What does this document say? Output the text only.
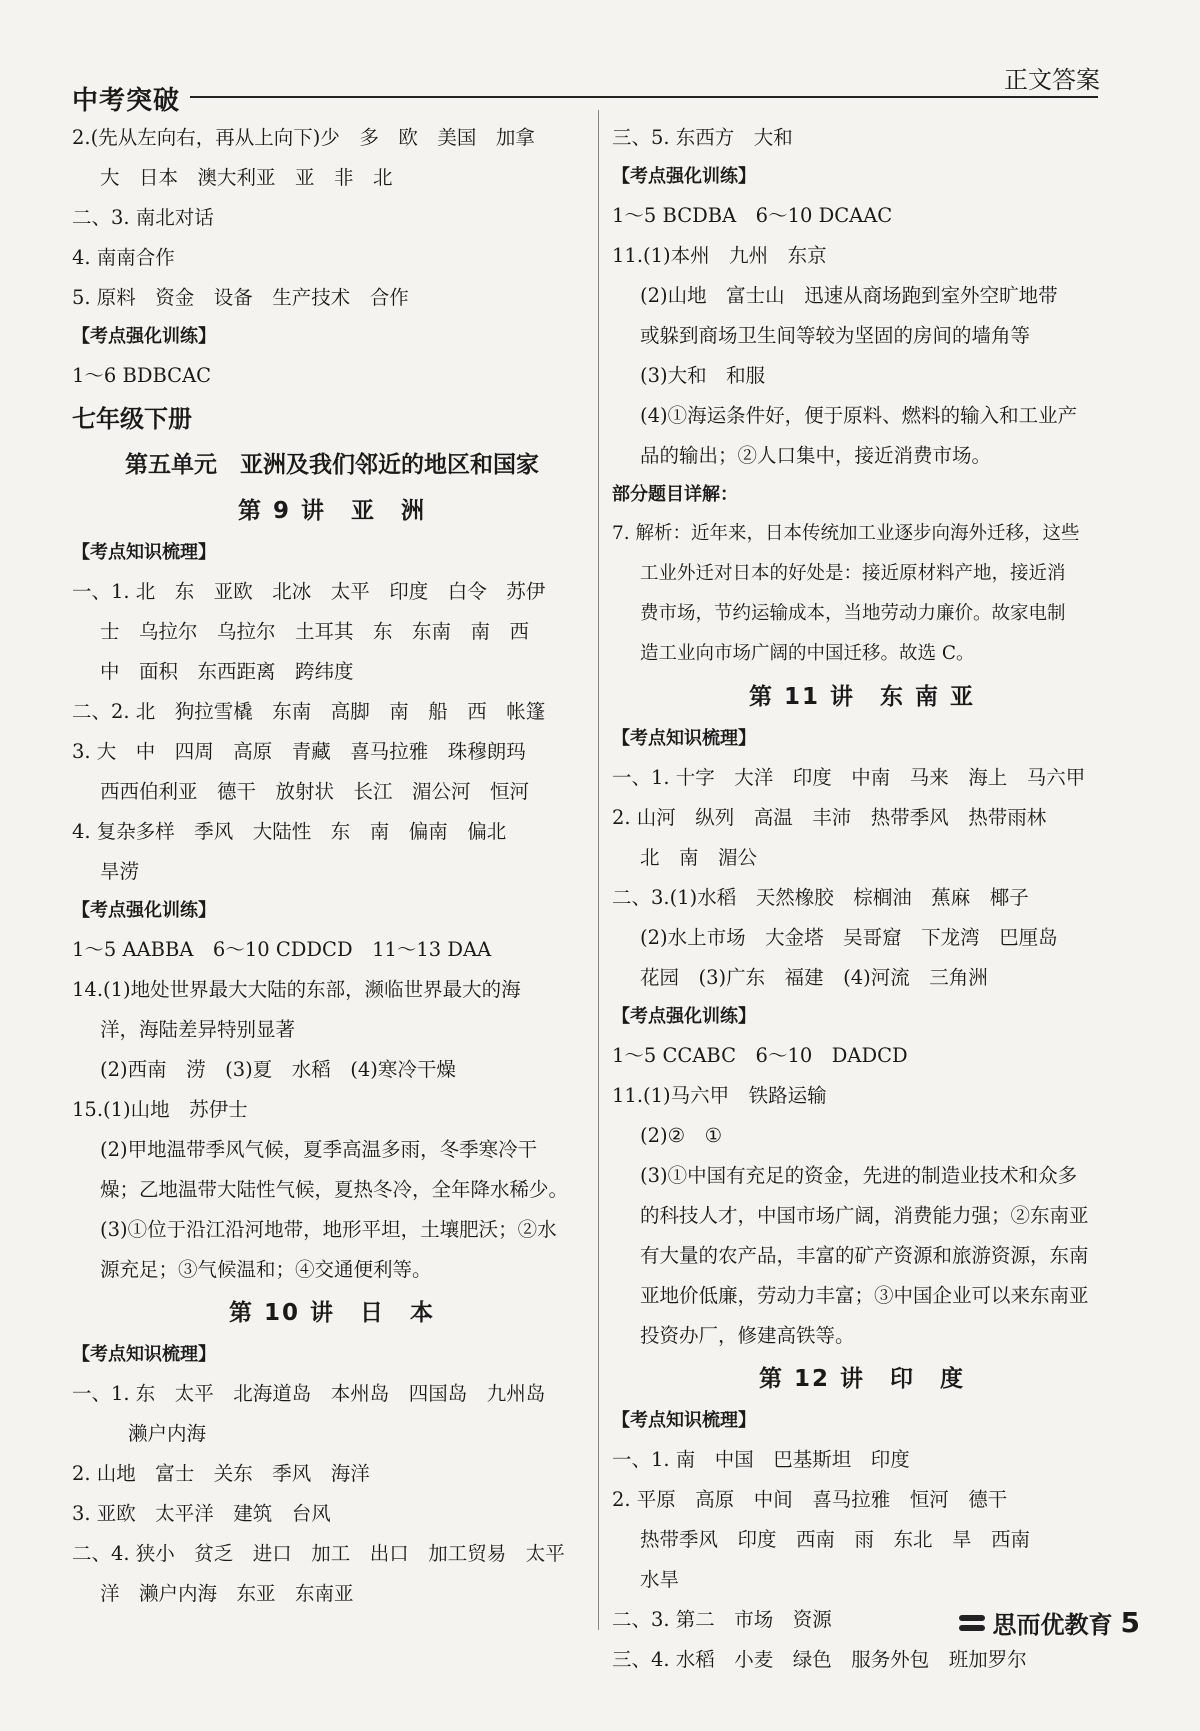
中考突破
正文答案
2.(先从左向右，再从上向下)少　多　欧　美国　加拿
大　日本　澳大利亚　亚　非　北
二、3. 南北对话
4. 南南合作
5. 原料　资金　设备　生产技术　合作
【考点强化训练】
1～6 BDBCAC
七年级下册
第五单元　亚洲及我们邻近的地区和国家
第 9 讲　亚　洲
【考点知识梳理】
一、1. 北　东　亚欧　北冰　太平　印度　白令　苏伊
士　乌拉尔　乌拉尔　土耳其　东　东南　南　西
中　面积　东西距离　跨纬度
二、2. 北　狗拉雪橇　东南　高脚　南　船　西　帐篷
3. 大　中　四周　高原　青藏　喜马拉雅　珠穆朗玛
西西伯利亚　德干　放射状　长江　湄公河　恒河
4. 复杂多样　季风　大陆性　东　南　偏南　偏北
旱涝
【考点强化训练】
1～5 AABBA　6～10 CDDCD　11～13 DAA
14.(1)地处世界最大大陆的东部，濒临世界最大的海
洋，海陆差异特别显著
(2)西南　涝　(3)夏　水稻　(4)寒冷干燥
15.(1)山地　苏伊士
(2)甲地温带季风气候，夏季高温多雨，冬季寒冷干
燥；乙地温带大陆性气候，夏热冬冷，全年降水稀少。
(3)①位于沿江沿河地带，地形平坦，土壤肥沃；②水
源充足；③气候温和；④交通便利等。
第 10 讲　日　本
【考点知识梳理】
一、1. 东　太平　北海道岛　本州岛　四国岛　九州岛
濑户内海
2. 山地　富士　关东　季风　海洋
3. 亚欧　太平洋　建筑　台风
二、4. 狭小　贫乏　进口　加工　出口　加工贸易　太平
洋　濑户内海　东亚　东南亚
三、5. 东西方　大和
【考点强化训练】
1～5 BCDBA　6～10 DCAAC
11.(1)本州　九州　东京
(2)山地　富士山　迅速从商场跑到室外空旷地带
或躲到商场卫生间等较为坚固的房间的墙角等
(3)大和　和服
(4)①海运条件好，便于原料、燃料的输入和工业产
品的输出；②人口集中，接近消费市场。
部分题目详解：
7. 解析：近年来，日本传统加工业逐步向海外迁移，这些
工业外迁对日本的好处是：接近原材料产地，接近消
费市场，节约运输成本，当地劳动力廉价。故家电制
造工业向市场广阔的中国迁移。故选 C。
第 11 讲　东 南 亚
【考点知识梳理】
一、1. 十字　大洋　印度　中南　马来　海上　马六甲
2. 山河　纵列　高温　丰沛　热带季风　热带雨林
北　南　湄公
二、3.(1)水稻　天然橡胶　棕榈油　蕉麻　椰子
(2)水上市场　大金塔　吴哥窟　下龙湾　巴厘岛
花园　(3)广东　福建　(4)河流　三角洲
【考点强化训练】
1～5 CCABC　6～10　DADCD
11.(1)马六甲　铁路运输
(2)②　①
(3)①中国有充足的资金，先进的制造业技术和众多
的科技人才，中国市场广阔，消费能力强；②东南亚
有大量的农产品，丰富的矿产资源和旅游资源，东南
亚地价低廉，劳动力丰富；③中国企业可以来东南亚
投资办厂，修建高铁等。
第 12 讲　印　度
【考点知识梳理】
一、1. 南　中国　巴基斯坦　印度
2. 平原　高原　中间　喜马拉雅　恒河　德干
热带季风　印度　西南　雨　东北　旱　西南
水旱
二、3. 第二　市场　资源
三、4. 水稻　小麦　绿色　服务外包　班加罗尔
思而优教育 5
